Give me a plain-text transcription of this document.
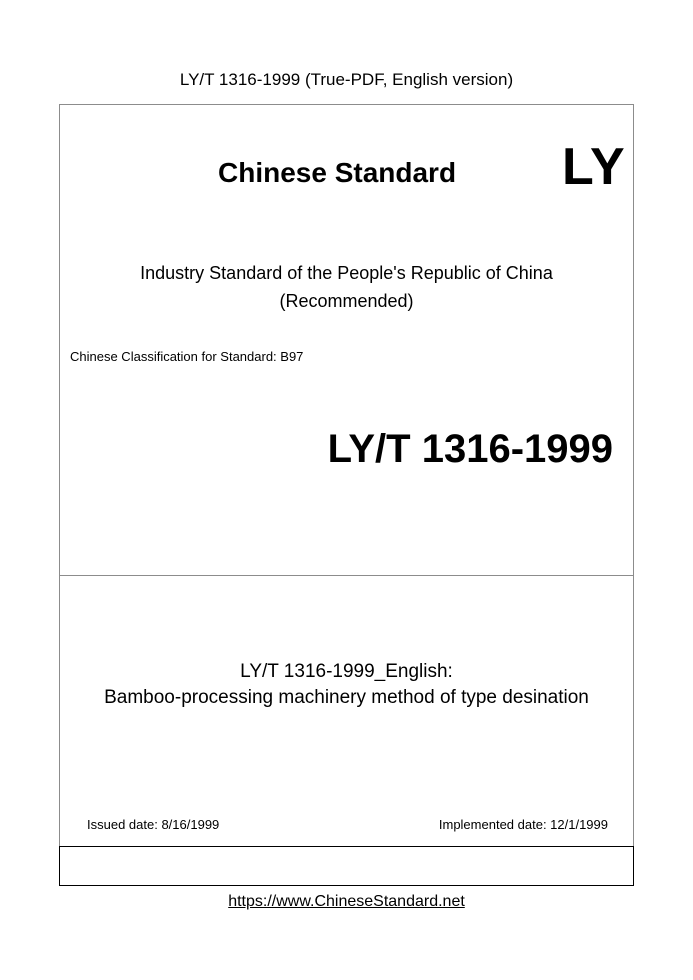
LY/T 1316-1999 (True-PDF, English version)
Chinese Standard LY
Industry Standard of the People's Republic of China
(Recommended)
Chinese Classification for Standard: B97
LY/T 1316-1999
LY/T 1316-1999_English:
Bamboo-processing machinery method of type desination
Issued date: 8/16/1999	Implemented date: 12/1/1999
https://www.ChineseStandard.net
